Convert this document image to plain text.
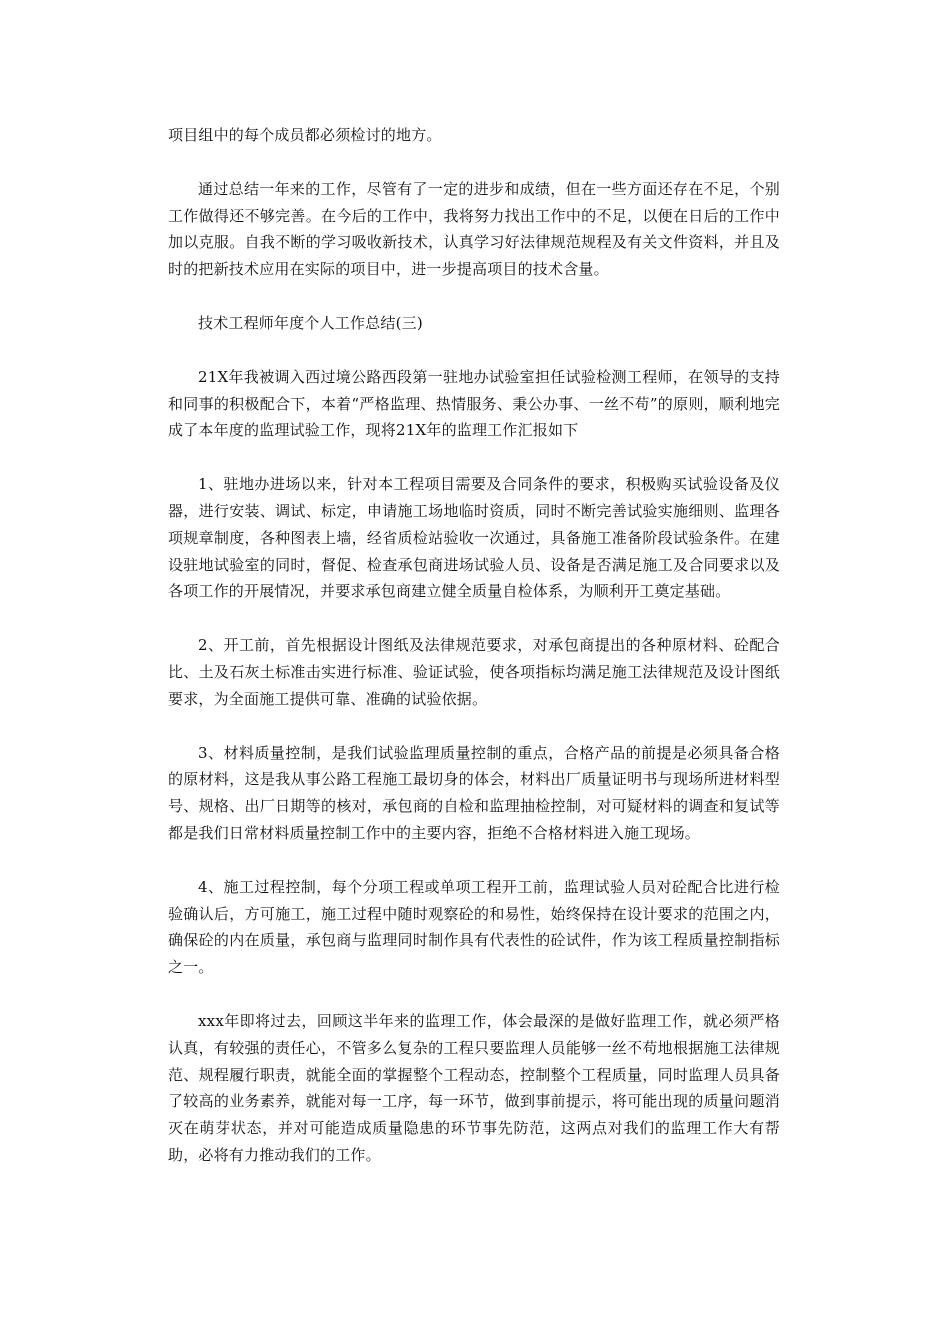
项目组中的每个成员都必须检讨的地方。

通过总结一年来的工作，尽管有了一定的进步和成绩，但在一些方面还存在不足，个别工作做得还不够完善。在今后的工作中，我将努力找出工作中的不足，以便在日后的工作中加以克服。自我不断的学习吸收新技术，认真学习好法律规范规程及有关文件资料，并且及时的把新技术应用在实际的项目中，进一步提高项目的技术含量。

技术工程师年度个人工作总结(三)

21X年我被调入西过境公路西段第一驻地办试验室担任试验检测工程师，在领导的支持和同事的积极配合下，本着“严格监理、热情服务、秉公办事、一丝不苟”的原则，顺利地完成了本年度的监理试验工作，现将21X年的监理工作汇报如下

1、驻地办进场以来，针对本工程项目需要及合同条件的要求，积极购买试验设备及仪器，进行安装、调试、标定，申请施工场地临时资质，同时不断完善试验实施细则、监理各项规章制度，各种图表上墙，经省质检站验收一次通过，具备施工准备阶段试验条件。在建设驻地试验室的同时，督促、检查承包商进场试验人员、设备是否满足施工及合同要求以及各项工作的开展情况，并要求承包商建立健全质量自检体系，为顺利开工奠定基础。

2、开工前，首先根据设计图纸及法律规范要求，对承包商提出的各种原材料、砼配合比、土及石灰土标准击实进行标准、验证试验，使各项指标均满足施工法律规范及设计图纸要求，为全面施工提供可靠、准确的试验依据。

3、材料质量控制，是我们试验监理质量控制的重点，合格产品的前提是必须具备合格的原材料，这是我从事公路工程施工最切身的体会，材料出厂质量证明书与现场所进材料型号、规格、出厂日期等的核对，承包商的自检和监理抽检控制，对可疑材料的调查和复试等都是我们日常材料质量控制工作中的主要内容，拒绝不合格材料进入施工现场。

4、施工过程控制，每个分项工程或单项工程开工前，监理试验人员对砼配合比进行检验确认后，方可施工，施工过程中随时观察砼的和易性，始终保持在设计要求的范围之内，确保砼的内在质量，承包商与监理同时制作具有代表性的砼试件，作为该工程质量控制指标之一。

xxx年即将过去，回顾这半年来的监理工作，体会最深的是做好监理工作，就必须严格认真，有较强的责任心，不管多么复杂的工程只要监理人员能够一丝不苟地根据施工法律规范、规程履行职责，就能全面的掌握整个工程动态，控制整个工程质量，同时监理人员具备了较高的业务素养，就能对每一工序，每一环节，做到事前提示，将可能出现的质量问题消灭在萌芽状态，并对可能造成质量隐患的环节事先防范，这两点对我们的监理工作大有帮助，必将有力推动我们的工作。
